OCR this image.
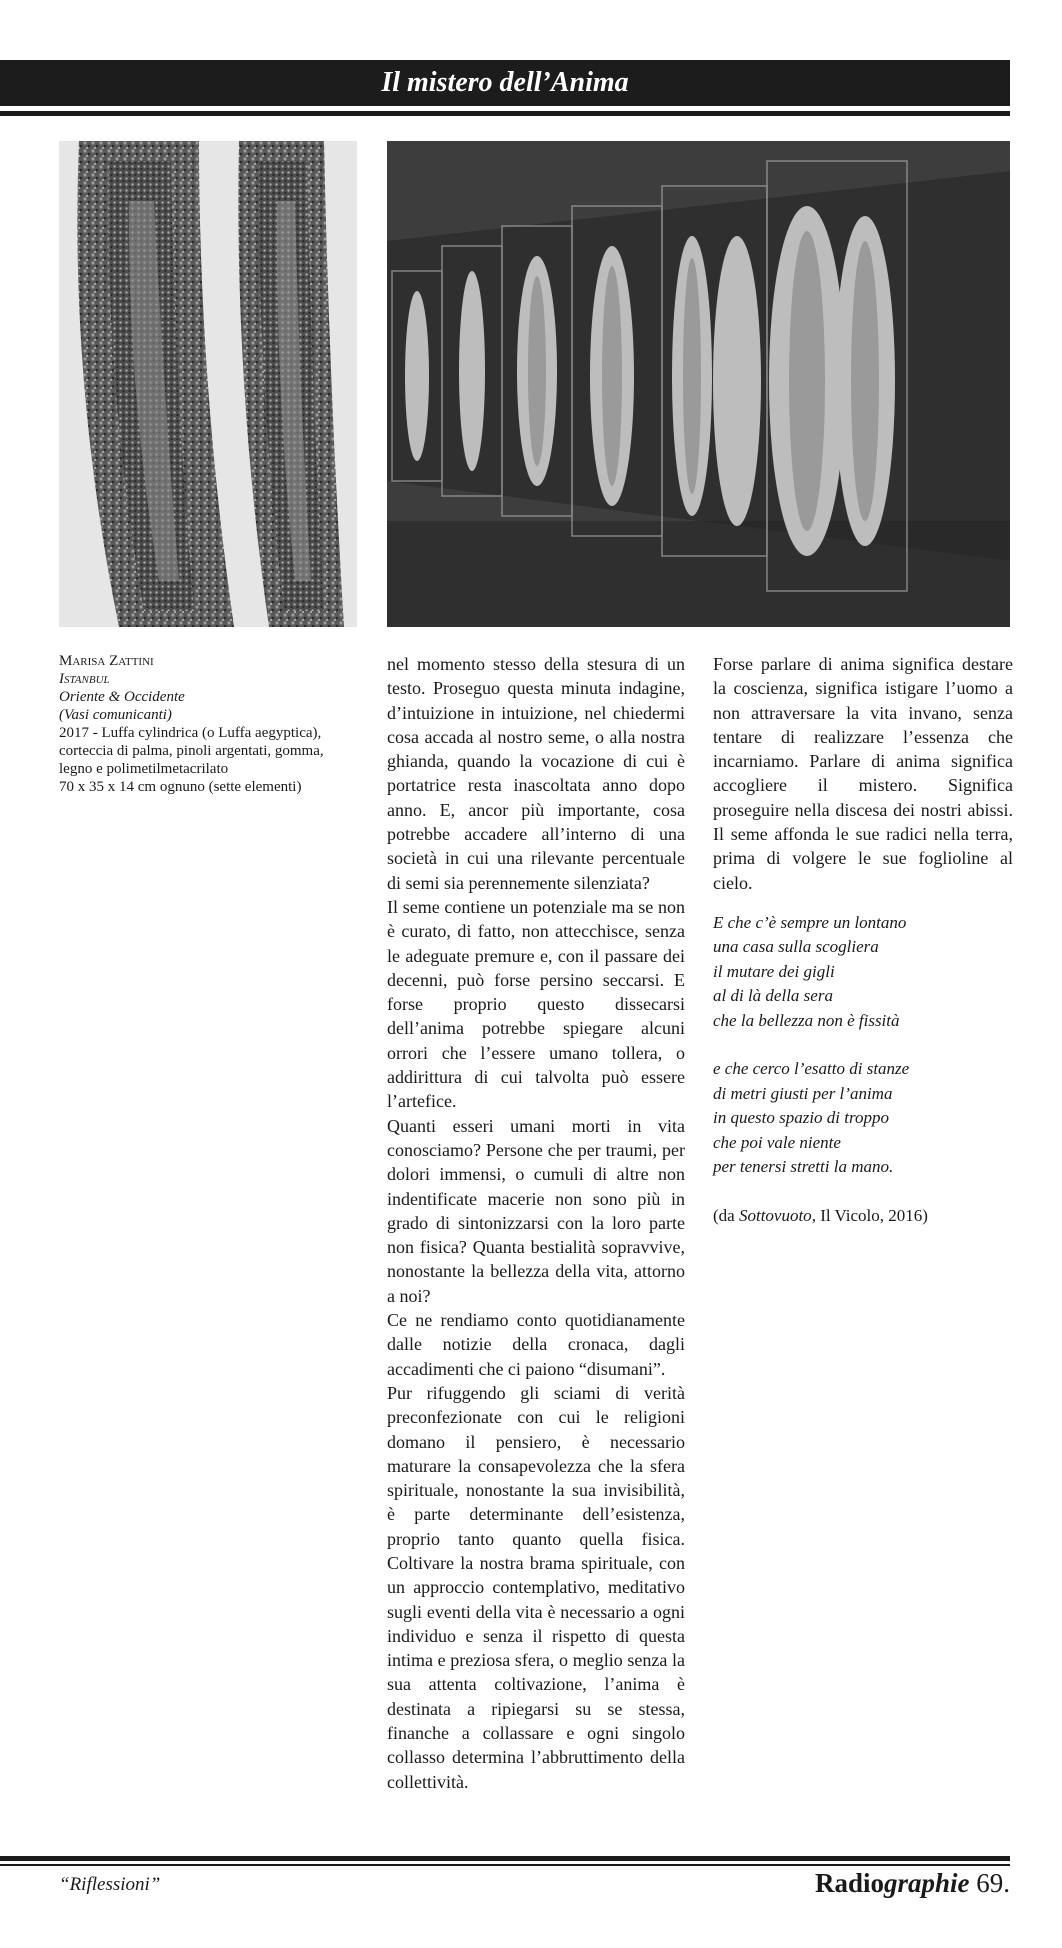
Il mistero dell’Anima
Marisa Zattini
Istanbul
Oriente & Occidente
(Vasi comunicanti)
2017 - Luffa cylindrica (o Luffa aegyptica), corteccia di palma, pinoli argentati, gomma, legno e polimetilmetacrilato
70 x 35 x 14 cm ognuno (sette elementi)

nel momento stesso della stesura di un testo. Proseguo questa minuta indagine, d’intuizione in intuizione, nel chiedermi cosa accada al nostro seme, o alla nostra ghianda, quando la vocazione di cui è portatrice resta inascoltata anno dopo anno. E, ancor più importante, cosa potrebbe accadere all’interno di una società in cui una rilevante percentuale di semi sia perennemente silenziata?

Il seme contiene un potenziale ma se non è curato, di fatto, non attecchisce, senza le adeguate premure e, con il passare dei decenni, può forse persino seccarsi. E forse proprio questo dissecarsi dell’anima potrebbe spiegare alcuni orrori che l’essere umano tollera, o addirittura di cui talvolta può essere l’artefice.

Quanti esseri umani morti in vita conosciamo? Persone che per traumi, per dolori immensi, o cumuli di altre non indentificate macerie non sono più in grado di sintonizzarsi con la loro parte non fisica? Quanta bestialità sopravvive, nonostante la bellezza della vita, attorno a noi?

Ce ne rendiamo conto quotidianamente dalle notizie della cronaca, dagli accadimenti che ci paiono “disumani”.

Pur rifuggendo gli sciami di verità preconfezionate con cui le religioni domano il pensiero, è necessario maturare la consapevolezza che la sfera spirituale, nonostante la sua invisibilità, è parte determinante dell’esistenza, proprio tanto quanto quella fisica. Coltivare la nostra brama spirituale, con un approccio contemplativo, meditativo sugli eventi della vita è necessario a ogni individuo e senza il rispetto di questa intima e preziosa sfera, o meglio senza la sua attenta coltivazione, l’anima è destinata a ripiegarsi su se stessa, finanche a collassare e ogni singolo collasso determina l’abbruttimento della collettività.

Forse parlare di anima significa destare la coscienza, significa istigare l’uomo a non attraversare la vita invano, senza tentare di realizzare l’essenza che incarniamo. Parlare di anima significa accogliere il mistero. Significa proseguire nella discesa dei nostri abissi. Il seme affonda le sue radici nella terra, prima di volgere le sue foglioline al cielo.

E che c’è sempre un lontano
una casa sulla scogliera
il mutare dei gigli
al di là della sera
che la bellezza non è fissità
e che cerco l’esatto di stanze
di metri giusti per l’anima
in questo spazio di troppo
che poi vale niente
per tenersi stretti la mano.
(da Sottovuoto, Il Vicolo, 2016)
“Riflessioni”	Radiographie 69.
